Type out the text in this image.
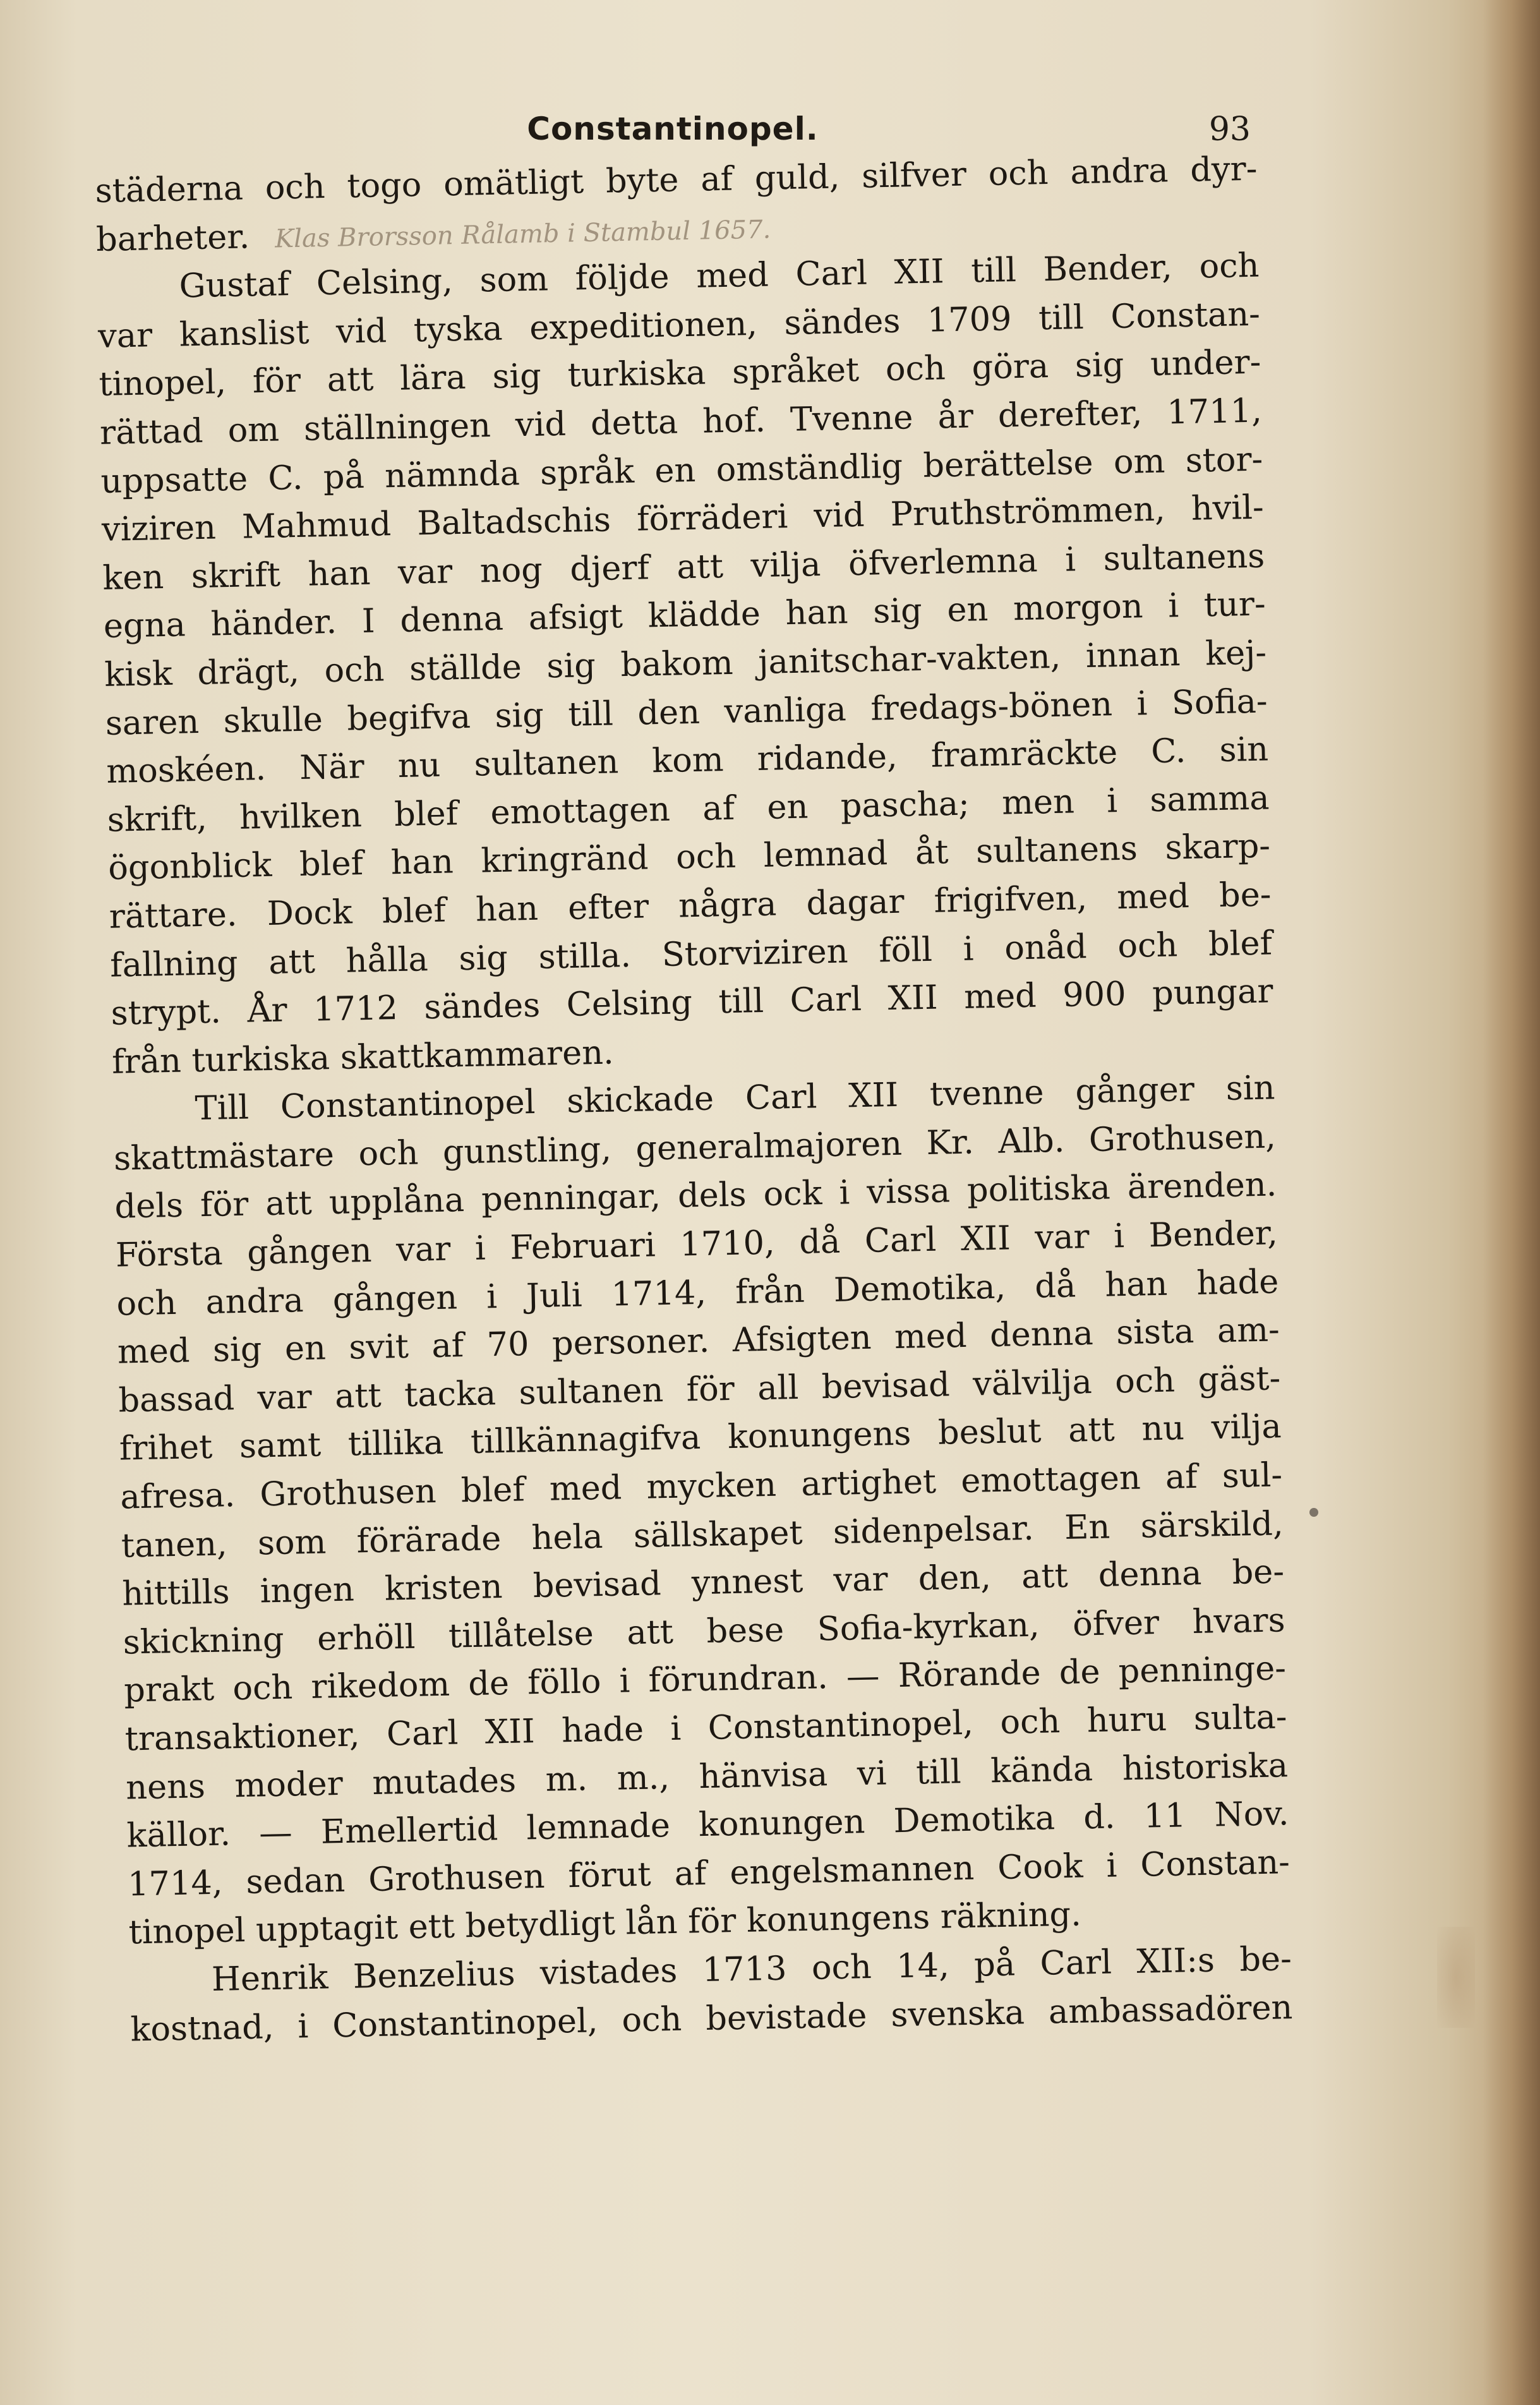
Constantinopel.	93
städerna och togo omätligt byte af guld, silfver och andra dyr-
barheter. Klas Brorsson Rålamb i Stambul 1657.
Gustaf Celsing, som följde med Carl XII till Bender, och
var kanslist vid tyska expeditionen, sändes 1709 till Constan-
tinopel, för att lära sig turkiska språket och göra sig under-
rättad om ställningen vid detta hof. Tvenne år derefter, 1711,
uppsatte C. på nämnda språk en omständlig berättelse om stor-
viziren Mahmud Baltadschis förräderi vid Pruthströmmen, hvil-
ken skrift han var nog djerf att vilja öfverlemna i sultanens
egna händer. I denna afsigt klädde han sig en morgon i tur-
kisk drägt, och ställde sig bakom janitschar-vakten, innan kej-
saren skulle begifva sig till den vanliga fredags-bönen i Sofia-
moskéen. När nu sultanen kom ridande, framräckte C. sin
skrift, hvilken blef emottagen af en pascha; men i samma
ögonblick blef han kringränd och lemnad åt sultanens skarp-
rättare. Dock blef han efter några dagar frigifven, med be-
fallning att hålla sig stilla. Storviziren föll i onåd och blef
strypt. År 1712 sändes Celsing till Carl XII med 900 pungar
från turkiska skattkammaren.
Till Constantinopel skickade Carl XII tvenne gånger sin
skattmästare och gunstling, generalmajoren Kr. Alb. Grothusen,
dels för att upplåna penningar, dels ock i vissa politiska ärenden.
Första gången var i Februari 1710, då Carl XII var i Bender,
och andra gången i Juli 1714, från Demotika, då han hade
med sig en svit af 70 personer. Afsigten med denna sista am-
bassad var att tacka sultanen för all bevisad välvilja och gäst-
frihet samt tillika tillkännagifva konungens beslut att nu vilja
afresa. Grothusen blef med mycken artighet emottagen af sul-
tanen, som förärade hela sällskapet sidenpelsar. En särskild,
hittills ingen kristen bevisad ynnest var den, att denna be-
skickning erhöll tillåtelse att bese Sofia-kyrkan, öfver hvars
prakt och rikedom de föllo i förundran. — Rörande de penninge-
transaktioner, Carl XII hade i Constantinopel, och huru sulta-
nens moder mutades m. m., hänvisa vi till kända historiska
källor. — Emellertid lemnade konungen Demotika d. 11 Nov.
1714, sedan Grothusen förut af engelsmannen Cook i Constan-
tinopel upptagit ett betydligt lån för konungens räkning.
Henrik Benzelius vistades 1713 och 14, på Carl XII:s be-
kostnad, i Constantinopel, och bevistade svenska ambassadören
